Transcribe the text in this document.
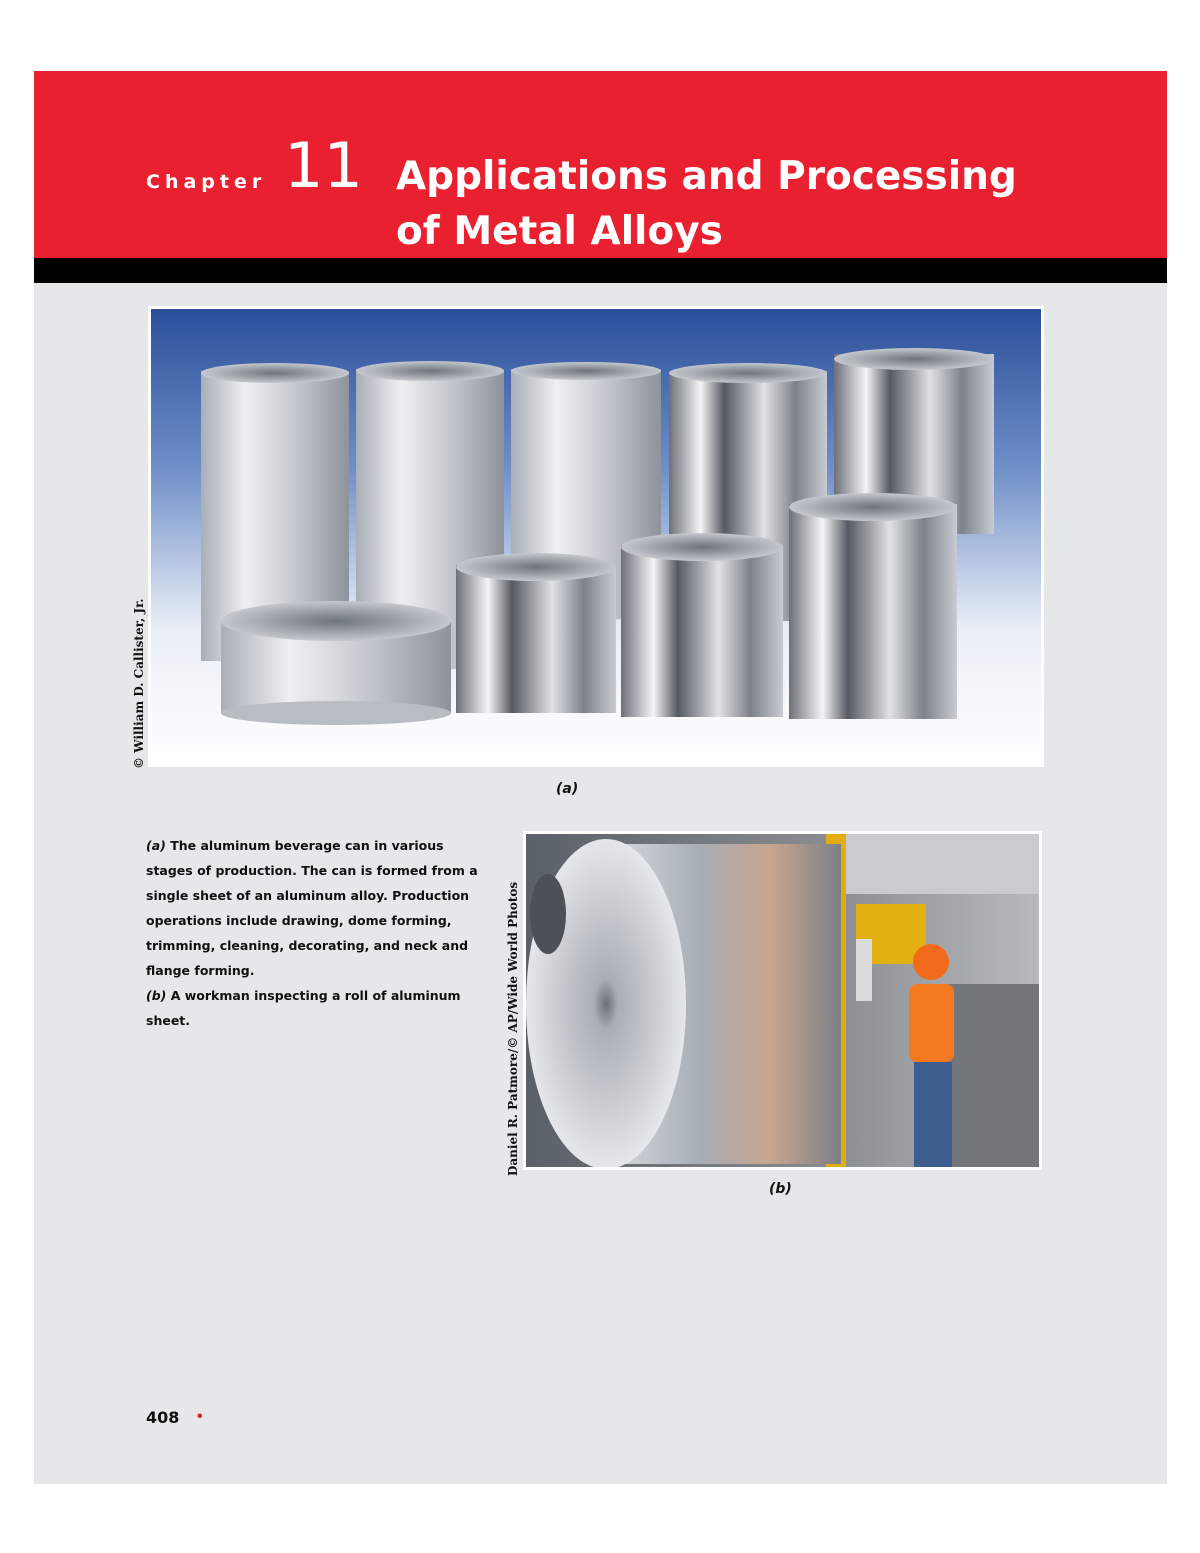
Chapter 11 Applications and Processing
of Metal Alloys
© William D. Callister, Jr.
(a)

(a) The aluminum beverage can in various stages of production. The can is formed from a single sheet of an aluminum alloy. Production operations include drawing, dome forming, trimming, cleaning, decorating, and neck and flange forming.

(b) A workman inspecting a roll of aluminum sheet.	Daniel R. Patmore/© AP/Wide World Photos
(b)
408 •
